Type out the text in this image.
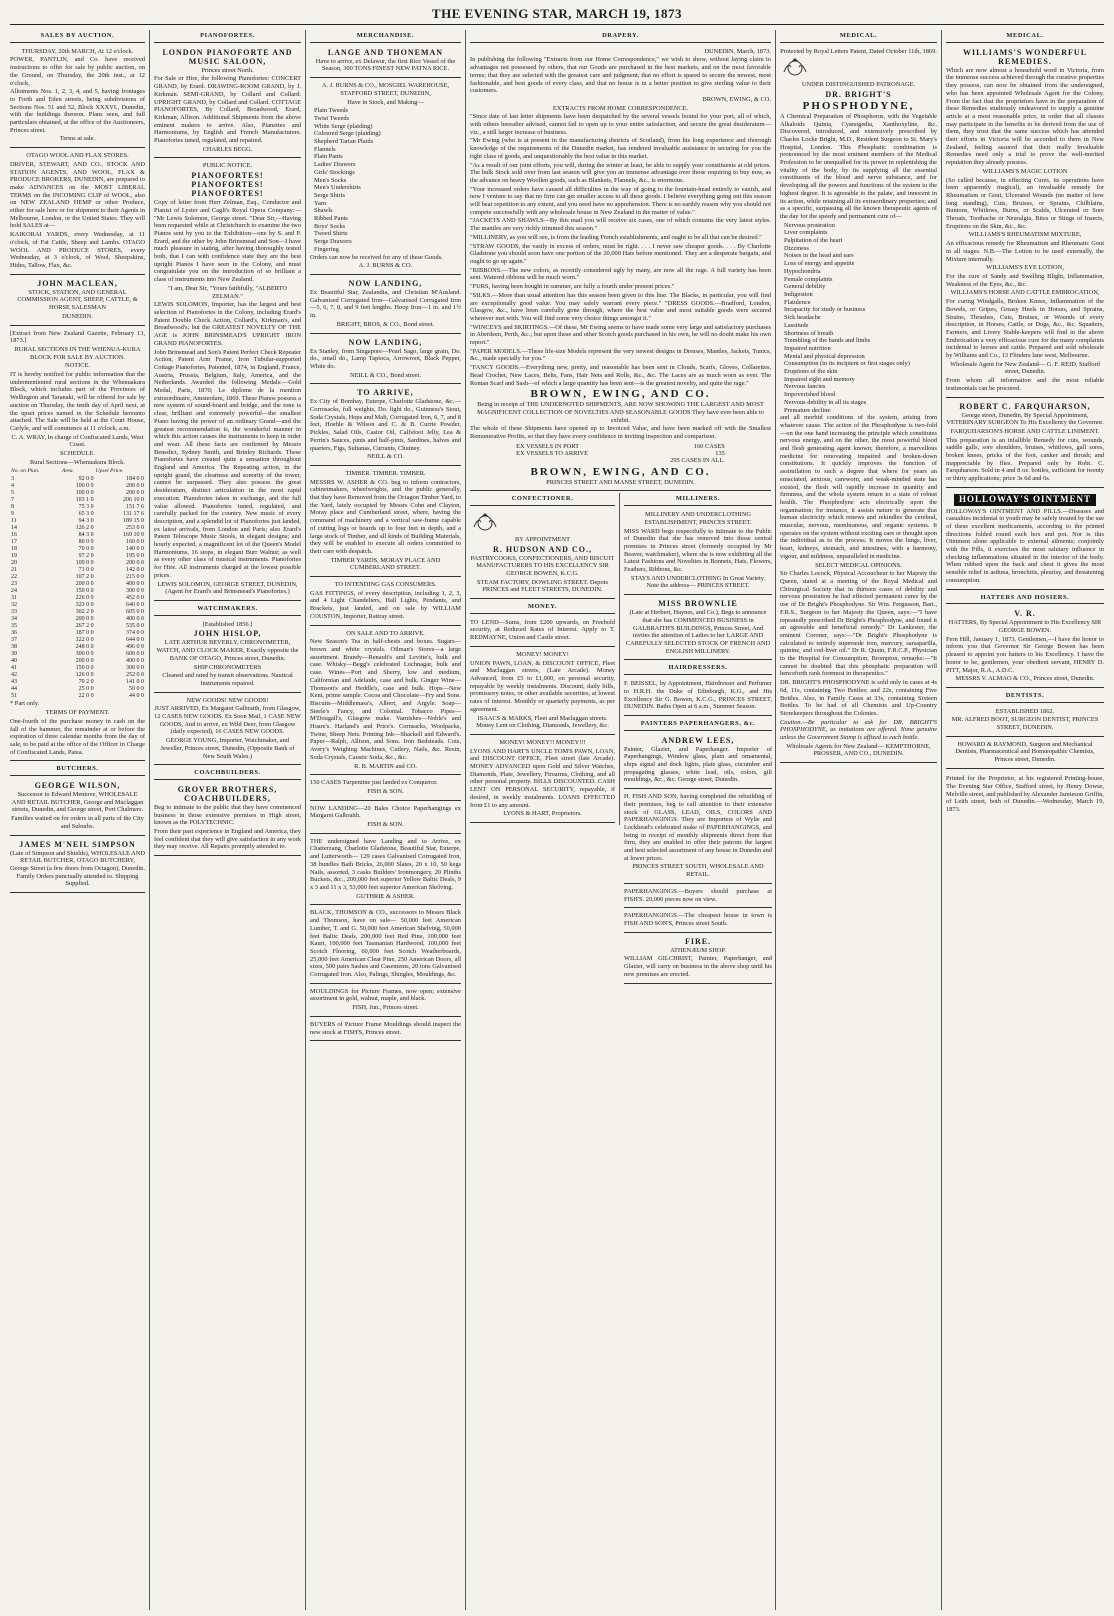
THE EVENING STAR, MARCH 19, 1873
SALES BY AUCTION.

THURSDAY, 20th MARCH, At 12 o'clock.

POWER, PANTLIN, and Co. have received instructions to offer for sale by public auction, on the Ground, on Thursday, the 20th inst., at 12 o'clock,

Allotments Nos. 1, 2, 3, 4, and 5, having frontages to Forth and Eden streets, being subdivisions of Sections Nos. 51 and 52, Block XXXVI., Dunedin, with the buildings thereon. Plans seen, and full particulars obtained, at the office of the Auctioneers, Princes street.

Terms at sale.

OTAGO WOOL AND FLAX STORES.

DRIVER, STEWART, AND CO., STOCK AND STATION AGENTS, AND WOOL, FLAX & PRODUCE BROKERS, DUNEDIN, are prepared to make ADVANCES on the MOST LIBERAL TERMS on the INCOMING CLIP of WOOL, also on NEW ZEALAND HEMP or other Produce, either for sale here or for shipment to their Agents in Melbourne, London, or the United States. They will hold SALES at—

KAIKORAI YARDS, every Wednesday, at 11 o'clock, of Fat Cattle, Sheep and Lambs. OTAGO WOOL AND PRODUCE STORES, every Wednesday, at 3 o'clock, of Wool, Sheepskins, Hides, Tallow, Flax, &c.

JOHN MACLEAN,

STOCK, STATION, AND GENERAL COMMISSION AGENT, SHEEP, CATTLE, & HORSE SALESMAN

DUNEDIN.

[Extract from New Zealand Gazette, February 13, 1873.]

RURAL SECTIONS IN THE WHENUA-KURA BLOCK FOR SALE BY AUCTION.

NOTICE.

IT is hereby notified for public information that the undermentioned rural sections in the Whenuakura Block, which includes part of the Provinces of Wellington and Taranaki, will be offered for sale by auction on Thursday, the tenth day of April next, at the upset prices named in the Schedule hereunto attached. The Sale will be held at the Court House, Carlyle, and will commence at 11 o'clock, a.m.

C. A. WRAY, In charge of Confiscated Lands, West Coast.

SCHEDULE.

Rural Sections—Whenuakura Block.

No. on Plan.	Area.	Upset Price.
3	92 0 0	184 0 0
4	100 0 0	200 0 0
5	100 0 0	200 0 0
7	103 1 0	206 10 0
8	75 3 0	151 7 6
9	65 3 0	131 17 6
11	94 3 0	189 15 0
14	126 2 0	253 0 0
16	84 3 0	169 10 0
17	80 0 0	160 0 0
18	70 0 0	140 0 0
19	97 2 0	195 0 0
20	100 0 0	200 0 0
21	71 0 0	142 0 0
22	107 2 0	215 0 0
23	200 0 0	400 0 0
24	150 0 0	300 0 0
31	226 0 0	452 0 0
32	323 0 0	646 0 0
33	302 2 0	605 0 0
34	200 0 0	400 0 0
35	267 2 0	535 0 0
36	187 0 0	374 0 0
37	322 0 0	644 0 0
38	248 0 0	496 0 0
39	300 0 0	600 0 0
40	200 0 0	400 0 0
41	150 0 0	300 0 0
42	126 0 0	252 0 0
43	70 2 0	141 0 0
44	25 0 0	50 0 0
51	22 0 0	44 0 0

* Part only.

TERMS OF PAYMENT.

One-fourth of the purchase money in cash on the fall of the hammer, the remainder at or before the expiration of three calendar months from the day of sale, to be paid at the office of the Officer in Charge of Confiscated Lands, Patea.

BUTCHERS.

GEORGE WILSON,

Successor to Edward Mentove, WHOLESALE AND RETAIL BUTCHER, George and Maclaggan streets, Dunedin, and George street, Port Chalmers.

Families waited on for orders in all parts of the City and Suburbs.

JAMES M'NEIL SIMPSON

(Late of Simpson and Shields), WHOLESALE AND RETAIL BUTCHER, OTAGO BUTCHERY, George Street (a few doors from Octagon), Dunedin. Family Orders punctually attended to. Shipping Supplied.

PIANOFORTES.

LONDON PIANOFORTE AND MUSIC SALOON,

Princes street North.

For Sale or Hire, the following Pianofortes: CONCERT GRAND, by Erard. DRAWING-ROOM GRAND, by J. Kirkman. SEMI-GRAND, by Collard and Collard. UPRIGHT GRAND, by Collard and Collard. COTTAGE PIANOFORTES, By Collard, Broadwood, Erard, Kirkman, Allison. Additional Shipments from the above eminent makers to arrive. Also, Pianettes and Harmoniums, by English and French Manufacturers. Pianofortes tuned, regulated, and repaired.

CHARLES BEGG.

PUBLIC NOTICE.

PIANOFORTES! PIANOFORTES! PIANOFORTES!

Copy of letter from Herr Zelman, Esq., Conductor and Pianist of Lyster and Cagli's Royal Opera Company:— "Mr Lewis Solomon, George street. "Dear Sir,—Having been requested while at Christchurch to examine the two Pianos sent by you to the Exhibition—one by S. and P. Erard, and the other by John Brinsmead and Son—I have much pleasure in stating, after having thoroughly tested both, that I can with confidence state they are the best upright Pianos I have seen in the Colony, and must congratulate you on the introduction of so brilliant a class of instruments into New Zealand.

"I am, Dear Sir, "Yours faithfully, "ALBERTO ZELMAN."

LEWIS SOLOMON, Importer, has the largest and best selection of Pianofortes in the Colony, including Erard's Patent Double Check Action, Collard's, Kirkman's, and Broadwood's; but the GREATEST NOVELTY OF THE AGE is JOHN BRINSMEAD'S UPRIGHT IRON GRAND PIANOFORTES.

John Brinsmead and Son's Patent Perfect Check Repeater Action, Patent Arm Frame, Iron Tubular-supported Cottage Pianofortes, Patented, 1874, in England, France, Austria, Prussia, Belgium, Italy, America, and the Netherlands. Awarded the following Medals:—Gold Medal, Paris, 1870; Le diplome de la mention extraordinaire, Amsterdam, 1869. These Pianos possess a new system of sound-board and bridge, and the tone is clear, brilliant and extremely powerful—the smallest Piano having the power of an ordinary Grand—and the greatest recommendation is, the wonderful manner in which this action causes the instruments to keep in order and wear. All these facts are confirmed by Messrs Benedict, Sydney Smith, and Brinley Richards. These Pianofortes have created quite a sensation throughout England and America. The Repeating action, in the upright grand, the clearness and sonority of the tower, cannot be surpassed. They also possess the great desideratum, distinct articulation in the most rapid execution. Pianofortes taken in exchange, and the full value allowed. Pianofortes tuned, regulated, and carefully packed for the country. New music of every description, and a splendid lot of Pianofortes just landed, ex latest arrivals, from London and Paris; also Erard's Patent Telescope Music Stools, in elegant designs; and hourly expected, a magnificent lot of the Queen's Model Harmoniums, 16 stops, in elegant Burr Walnut; as well as every other class of musical instruments. Pianofortes for Hire. All instruments charged at the lowest possible prices.

LEWIS SOLOMON, GEORGE STREET, DUNEDIN, (Agent for Erard's and Brinsmead's Pianofortes.)

WATCHMAKERS.

[Established 1856.]

JOHN HISLOP,

LATE ARTHUR BEVERLY, CHRONOMETER, WATCH, AND CLOCK MAKER, Exactly opposite the BANK OF OTAGO, Princes street, Dunedin.

SHIP CHRONOMETERS

Cleaned and rated by transit observations. Nautical Instruments repaired.

NEW GOODS! NEW GOODS!

JUST ARRIVED, Ex Margaret Galbraith, from Glasgow, 12 CASES NEW GOODS. Ex Soon Mail, 1 CASE NEW GOODS, And to arrive, ex Wild Deer, from Glasgow (daily expected), 16 CASES NEW GOODS.

GEORGE YOUNG, Importer, Watchmaker, and Jeweller, Princes street, Dunedin, (Opposite Bank of New South Wales.)

COACHBUILDERS.

GROVER BROTHERS, COACHBUILDERS,

Beg to intimate to the public that they have commenced business in those extensive premises in High street, known as the POLYTECHNIC.

From their past experience in England and America, they feel confident that they will give satisfaction in any work they may receive. All Repairs promptly attended to.

MERCHANDISE.

LANGE AND THONEMAN

Have to arrive, ex Delawur, the first Rice Vessel of the Season, 300 TONS FINEST NEW PATNA RICE.

A. J. BURNS & CO., MOSGIEL WAREHOUSE, STAFFORD STREET, DUNEDIN,

Have in Stock, and Making—

Plain Tweeds
Twist Tweeds
White Serge (plaiding)
Coloured Serge (plaiding)
Shepherd Tartan Plaids
Flannels
Plain Pants
Ladies' Drawers
Girls' Stockings
Men's Socks
Men's Undershirts
Serge Shirts
Yarn
Shawls
Ribbed Pants
Boys' Socks
Tweed Shirts
Serge Drawers
Fingering

Orders can now be received for any of these Goods.

A. J. BURNS & CO.

NOW LANDING,

Ex Beautiful Star, Zealandia, and Christian M'Ausland. Galvanised Corrugated Iron—Galvanised Corrugated Iron—5, 6, 7, 8, and 9 feet lengths. Hoop Iron—1 in. and 1½ in.

BRIGHT, BROS, & CO., Bond street.

NOW LANDING,

Ex Stanley, from Singapore—Pearl Sago, large grain, Do. do., small do., Lamp Tapioca, Arrowroot, Black Pepper, White do.

NEILL & CO., Bond street.

TO ARRIVE,

Ex City of Bombay, Euterpe, Charlotte Gladstone, &c.— Corrosacks, full weights, Do. light do., Guinness's Stout, Soda Crystals, Hops and Malt, Corrugated Iron, 6, 7, and 8 feet, Hoehle & Wilson and C. & B. Currie Powder, Pickles, Salad Oils, Castor Oil, Calfsfoot Jelly, Lea & Perrin's Sauces, pints and half-pints, Sardines, halves and quarters, Figs, Sultanas, Currants, Chutney.

NEILL & CO.

TIMBER. TIMBER. TIMBER.

MESSRS W. ASHER & CO. beg to inform contractors, cabinetmakers, wheelwrights, and the public generally, that they have Removed from the Octagon Timber Yard, to the Yard, lately occupied by Messrs Cohn and Clayton, Moray place and Cumberland street, where, having the command of machinery and a vertical saw-frame capable of cutting logs or boards up to four feet in depth, and a large stock of Timber, and all kinds of Building Materials, they will be enabled to execute all orders committed to their care with despatch.

TIMBER YARDS, MORAY PLACE AND CUMBERLAND STREET.

TO INTENDING GAS CONSUMERS.

GAS FITTINGS, of every description, including 1, 2, 3, and 4 Light Chandeliers, Hall Lights, Pendants, and Brackets, just landed, and on sale by WILLIAM COUSTON, Importer, Rattray street.

ON SALE AND TO ARRIVE.

New Season's Tea in half-chests and boxes. Sugars—brown and white crystals. Oilman's Stores—a large assortment. Brandy—Renault's and Levitte's, bulk and case. Whisky—Begg's celebrated Lochnagar, bulk and case. Wines—Port and Sherry, low and medium, Californian and Adelaide, case and bulk. Ginger Wine—Thomson's and Heddle's, case and bulk. Hops—New Kent, prime sample. Cocoa and Chocolate—Fry and Sons. Biscuits—Middlemass's, Albert, and Argyle. Soap—Steele's Fancy, and Colonial. Tobacco Pipes—M'Dougall's, Glasgow make. Varnishes—Noble's and Hoare's. Harland's and Price's. Cornsacks, Woolpacks, Twine, Sheep Nets. Printing Ink—Shackell and Edward's. Paper—Ralph, Allison, and Sons. Iron Bedsteads. Cots, Avery's Weighing Machines, Cutlery, Nails, &c. Resin, Soda Crystals, Caustic Soda, &c., &c.

R. B. MARTIN and CO.

150 CASES Turpentine just landed ex Conqueror.

FISH & SON.

NOW LANDING—20 Bales Choice Paperhangings ex Margaret Galbraith.

FISH & SON.

THE undersigned have Landing and to Arrive, ex Chatterzang, Charlotte Gladstone, Beautiful Star, Euterpe, and Lutterworth— 129 cases Galvanised Corrugated Iron, 38 bundles Bath Bricks, 26,000 Slates, 20 x 10, 50 kegs Nails, assorted, 3 casks Builders' Ironmongery, 20 Plinths Buckets, &c., 200,000 feet superior Yellow Baltic Deals, 9 x 3 and 11 x 3, 53,000 feet superior American Shelving.

GUTHRIE & ASHER.

BLACK, THOMSON & CO., successors to Messrs Black and Thomson, have on sale— 50,000 feet American Lumber, T. and G. 50,000 feet American Shelving, 50,000 feet Baltic Deals, 200,000 feet Red Pine, 100,000 feet Kauri, 100,000 feet Tasmanian Hardwood, 100,000 feet Scotch Flooring, 60,000 feet Scotch Weatherboards, 25,000 feet American Clear Pine, 250 American Doors, all sizes, 500 pairs Sashes and Casements, 20 tons Galvanised Corrugated Iron. Also, Palings, Shingles, Mouldings, &c.

MOULDINGS for Picture Frames, now open; extensive assortment in gold, walnut, maple, and black.

FISH, Jun., Princes street.

BUYERS of Picture Frame Mouldings should inspect the new stock at FISH'S, Princes street.

DRAPERY.

DUNEDIN, March, 1873.

In publishing the following "Extracts from our Home Correspondence," we wish to show, without laying claim to advantages not possessed by others, that our Goods are purchased in the best markets, and on the most favorable terms; that they are selected with the greatest care and judgment; that no effort is spared to secure the newest, most fashionable, and best goods of every class, and that no house is in a better position to give sterling value to their customers.

BROWN, EWING, & CO.

EXTRACTS FROM HOME CORRESPONDENCE.

"Since date of last letter shipments have been despatched by the several vessels bound for your port, all of which, with others hereafter advised, cannot fail to open up to your entire satisfaction, and secure the great desideratum—viz., a still larger increase of business.

"Mr Ewing (who is at present in the manufacturing districts of Scotland), from his long experience and thorough knowledge of the requirements of the Dunedin market, has rendered invaluable assistance in securing for you the right class of goods, and unquestionably the best value in this market.

"As a result of our joint efforts, you will, during the winter at least, be able to supply your constituents at old prices. The bulk Stock sold over from last season will give you an immense advantage over those requiring to buy now, as the advance on heavy Woollen goods, such as Blankets, Flannels, &c., is enormous.

"Your increased orders have caused all difficulties in the way of going to the fountain-head entirely to vanish, and now I venture to say that no firm can get smaller access to all these goods. I believe everything going out this season will bear repetition to any extent, and you need have no apprehension. There is no earthly reason why you should not compete successfully with any wholesale house in New Zealand in the matter of value."

"JACKETS AND SHAWLS—By this mail you will receive six cases, one of which contains the very latest styles. The mantles are very richly trimmed this season."

"MILLINERY, as you will see, is from the leading French establishments, and ought to be all that can be desired."

"STRAW GOODS, the vastly in excess of orders, must be right. . . . I never saw cheaper goods. . . . By Charlotte Gladstone you should soon have one portion of the 20,000 Hats before mentioned. They are a desperate bargain, and ought to go up again."

"RIBBONS.—The new colors, as recently considered ugly by many, are now all the rage. A full variety has been sent. Watered ribbons will be much worn."

"FURS, having been bought in summer, are fully a fourth under present prices."

"SILKS.—More than usual attention has this season been given to this line. The Blacks, in particular, you will find are exceptionally good value. You may safely warrant every piece." "DRESS GOODS.—Bradford, London, Glasgow, &c., have been carefully gone through, where the best value and most suitable goods were secured wherever met with. You will find some very choice things amongst it."

"WINCEYS and SKIRTINGS.—Of these, Mr Ewing seems to have made some very large and satisfactory purchases in Aberdeen, Perth, &c.; but upon these and other Scotch goods purchased in his own, he will no doubt make his own report."

"PAPER MODELS.—These life-size Models represent the very newest designs in Dresses, Mantles, Jackets, Tunics, &c., made specially for you."

"FANCY GOODS.—Everything new, pretty, and reasonable has been sent in Clouds, Scarfs, Gloves, Collarettes, Bead Crochet, New Laces, Belts, Fans, Hair Nets and Rolls, &c., &c. The Laces are as much worn as ever. The Roman Scarf and Sash—of which a large quantity has been sent—is the greatest novelty, and quite the rage."

BROWN, EWING, AND CO.

Being in receipt of THE UNDERNOTED SHIPMENTS, ARE NOW SHOWING THE LARGEST AND MOST MAGNIFICENT COLLECTION OF NOVELTIES AND SEASONABLE GOODS They have ever been able to exhibit.

The whole of these Shipments have opened up to Invoiced Value, and have been marked off with the Smallest Remunerative Profits, so that they have every confidence in inviting inspection and comparison.

EX VESSELS IN PORT	160 CASES
EX VESSELS TO ARRIVE	135
	295 CASES IN ALL.

BROWN, EWING, AND CO.

PRINCES STREET AND MANSE STREET, DUNEDIN.

CONFECTIONER.

BY APPOINTMENT

R. HUDSON AND CO.,

PASTRYCOOKS, CONFECTIONERS, AND BISCUIT MANUFACTURERS TO HIS EXCELLENCY SIR GEORGE BOWEN, K.C.G.

STEAM FACTORY, DOWLING STREET. Depots PRINCES and FLEET STREETS, DUNEDIN.

MONEY.

TO LEND—Sums, from £200 upwards, on Freehold security, at Reduced Rates of Interest. Apply to T. REDMAYNE, Union and Castle street.

MONEY! MONEY!

UNION PAWN, LOAN, & DISCOUNT OFFICE, Fleet and Maclaggan streets, (Late Arcade). Money Advanced, from £5 to £1,000, on personal security, repayable by weekly instalments. Discount, daily bills, promissory notes, or other available securities, at lowest rates of interest. Monthly or quarterly payments, as per agreement.

ISAACS & MARKS, Fleet and Maclaggan streets. Money Lent on Clothing, Diamonds, Jewellery, &c.

MONEY! MONEY!! MONEY!!!

LYONS AND HART'S UNCLE TOM'S PAWN, LOAN, and DISCOUNT OFFICE, Fleet street (late Arcade). MONEY ADVANCED upon Gold and Silver Watches, Diamonds, Plate, Jewellery, Firearms, Clothing, and all other personal property. BILLS DISCOUNTED. CASH LENT ON PERSONAL SECURITY, repayable, if desired, in weekly instalments. LOANS EFFECTED from £1 to any amount.

LYONS & HART, Proprietors.

MILLINERS.

MILLINERY AND UNDERCLOTHING ESTABLISHMENT, PRINCES STREET.

MISS WARD begs respectfully to intimate to the Public of Dunedin that she has removed into those central premises in Princes street (formerly occupied by Mr Beaver, watchmaker), where she is now exhibiting all the Latest Fashions and Novelties in Bonnets, Hats, Flowers, Feathers, Ribbons, &c.

STAYS AND UNDERCLOTHING In Great Variety. Note the address— PRINCES STREET.

MISS BROWNLIE

(Late at Herbert, Haynes, and Co.), Begs to announce that she has COMMENCED BUSINESS in GALBRAITH'S BUILDINGS, Princes Street, And invites the attention of Ladies to her LARGE AND CAREFULLY SELECTED STOCK OF FRENCH AND ENGLISH MILLINERY.

HAIRDRESSERS.

F. BEISSEL, by Appointment, Hairdresser and Perfumer to H.R.H. the Duke of Edinburgh, K.G., and His Excellency Sir G. Bowen, K.C.G., PRINCES STREET, DUNEDIN. Baths Open at 6 a.m., Summer Season.

PAINTERS PAPERHANGERS, &c.

ANDREW LEES,

Painter, Glazier, and Paperhanger. Importer of Paperhangings, Window glass, plain and ornamental, ships signal and dock lights, plate glass, cucumber and propagating glasses, white lead, oils, colors, gilt mouldings, &c., &c. George street, Dunedin.

H. FISH AND SON, having completed the rebuilding of their premises, beg to call attention to their extensive stock of GLASS, LEAD, OILS, COLORS AND PAPERHANGINGS. They are Importers of Wylie and Lockhead's celebrated make of PAPERHANGINGS, and being in receipt of monthly shipments direct from that firm, they are enabled to offer their patrons the largest and best selected assortment of any house in Dunedin and at lower prices.

PRINCES STREET SOUTH, WHOLESALE AND RETAIL.

PAPERHANGINGS.—Buyers should purchase at FISH'S. 20,000 pieces now on view.

PAPERHANGINGS.—The cheapest house in town is FISH AND SON'S, Princes street South.

FIRE.

ATHENÆUM SHOP.

WILLIAM GILCHRIST, Painter, Paperhanger, and Glazier, will carry on business in the above shop until his new premises are erected.

MEDICAL.

Protected by Royal Letters Patent, Dated October 11th, 1869.

UNDER DISTINGUISHED PATRONAGE.

DR. BRIGHT'S

PHOSPHODYNE,

A Chemical Preparation of Phosphorus, with the Vegetable Alkaloids Quinia, Cyanogedia, Xanthoxyline, &c. Discovered, introduced, and extensively prescribed by Charles Locke Bright, M.D., Resident Surgeon to St. Mary's Hospital, London. This Phosphatic combination is pronounced by the most eminent members of the Medical Profession to be unequalled for its power in replenishing the vitality of the body, by its supplying all the essential constituents of the blood and nerve substance, and for developing all the powers and functions of the system to the highest degree. It is agreeable to the palate, and innocent in its action, while retaining all its extraordinary properties; and as a specific, surpassing all the known therapeutic agents of the day for the speedy and permanent cure of—

Nervous prostration
Liver complaints
Palpitation of the heart
Dizziness
Noises in the head and ears
Loss of energy and appetite
Hypochondria
Female complaints
General debility
Indigestion
Flatulence
Incapacity for study or business
Sick headache
Lassitude
Shortness of breath
Trembling of the hands and limbs
Impaired nutrition
Mental and physical depression
Consumption (in its incipient or first stages only)
Eruptions of the skin
Impaired sight and memory
Nervous fancies
Impoverished blood
Nervous debility in all its stages
Premature decline

and all morbid conditions of the system, arising from whatever cause. The action of the Phosphodyne is two-fold—on the one hand increasing the principle which constitutes nervous energy, and on the other, the most powerful blood and flesh generating agent known; therefore, a marvellous medicine for renovating impaired and broken-down constitutions. It quickly improves the function of assimilation to such a degree that where for years an emaciated, anxious, careworn, and weak-minded state has existed, the flesh will rapidly increase in quantity and firmness, and the whole system return to a state of robust health. The Phosphodyne acts electrically upon the organisation; for instance, it assists nature to generate that human electricity which renews and rekindles the cerebral, muscular, nervous, membranous, and organic systems. It operates on the system without exciting care or thought upon the individual as to the process. It moves the lungs, liver, heart, kidneys, stomach, and intestines, with a harmony, vigour, and mildness, unparalleled in medicine.

SELECT MEDICAL OPINIONS.

Sir Charles Locock, Physical Accoucheur to her Majesty the Queen, stated at a meeting of the Royal Medical and Chirurgical Society that in thirteen cases of debility and nervous prostration he had effected permanent cures by the use of Dr Bright's Phosphodyne. Sir Wm. Fergusson, Bart., F.R.S., Surgeon to her Majesty the Queen, says:—"I have repeatedly prescribed Dr Bright's Phosphodyne, and found it an agreeable and beneficial remedy." Dr Lankester, the eminent Coroner, says:—"Dr Bright's Phosphodyne is calculated to entirely supersede iron, mercury, sarsaparilla, quinine, and cod-liver oil." Dr R. Quain, F.R.C.P., Physician to the Hospital for Consumption, Brompton, remarks:—"It cannot be doubted that this phosphatic preparation will henceforth rank foremost in therapeutics."

DR. BRIGHT'S PHOSPHODYNE is sold only in cases at 4s 6d, 11s, containing Two Bottles; and 22s, containing Five Bottles. Also, in Family Cases at 33s, containing Sixteen Bottles. To be had of all Chemists and Up-Country Storekeepers throughout the Colonies.

Caution.—Be particular to ask for DR. BRIGHT'S PHOSPHODYNE, as imitations are offered. None genuine unless the Government Stamp is affixed to each bottle.

Wholesale Agents for New Zealand— KEMPTHORNE, PROSSER, AND CO., DUNEDIN.

MEDICAL.

WILLIAMS'S WONDERFUL REMEDIES.

Which are now almost a household word in Victoria, from the immense success achieved through the curative properties they possess, can now be obtained from the undersigned, who has been appointed Wholesale Agent for the Colony. From the fact that the proprietors have in the preparation of these Remedies studiously endeavored to supply a genuine article at a most reasonable price, in order that all classes may participate in the benefits to be derived from the use of them, they trust that the same success which has attended their efforts in Victoria will be accorded to them in New Zealand, feeling assured that their really Invaluable Remedies need only a trial to prove the well-merited reputation they already possess.

WILLIAMS'S MAGIC LOTION

(So called because, in effecting Cures, its operations have been apparently magical), an invaluable remedy for Rheumatism or Gout, Ulcerated Wounds (no matter of how long standing), Cuts, Bruises, or Sprains, Chilblains, Bunions, Whitlows, Burns, or Scalds, Ulcerated or Sore Throats, Toothache or Neuralgia, Bites or Stings of Insects, Eruptions on the Skin, &c., &c.

WILLIAMS'S RHEUMATISM MIXTURE,

An efficacious remedy for Rheumatism and Rheumatic Gout in all stages. N.B.—The Lotion to be used externally, the Mixture internally.

WILLIAMS'S EYE LOTION,

For the cure of Sandy and Swelling Blight, Inflammation, Weakness of the Eyes, &c., &c.

WILLIAMS'S HORSE AND CATTLE EMBROCATION,

For curing Windgalls, Broken Knees, Inflammation of the Bowels, or Gripes, Greasy Heels in Horses, and Sprains, Strains, Thrushes, Cuts, Bruises, or Wounds of every description, in Horses, Cattle, or Dogs, &c., &c. Squatters, Farmers, and Livery Stable-keepers will find in the above Embrocation a very efficacious cure for the many complaints incidental to horses and cattle. Prepared and sold wholesale by Williams and Co., 13 Flinders lane west, Melbourne.

Wholesale Agent for New Zealand— G. F. REID, Stafford street, Dunedin.

From whom all information and the most reliable testimonials can be procured.

ROBERT C. FARQUHARSON,

George street, Dunedin, By Special Appointment, VETERINARY SURGEON To His Excellency the Governor.

FARQUHARSON'S HORSE AND CATTLE LINIMENT.

This preparation is an infallible Remedy for cuts, wounds, saddle galls, sore shoulders, bruises, whitlows, gall sores, broken knees, pricks of the foot, canker and thrush; and inappreciable by flies. Prepared only by Robt. C. Farquharson. Sold in 4 and 8 oz. bottles, sufficient for twenty or thirty applications; price 3s 6d and 6s.

HOLLOWAY'S OINTMENT

HOLLOWAY'S OINTMENT AND PILLS.—Diseases and casualties incidental to youth may be safely treated by the use of these excellent medicaments, according to the printed directions folded round each box and pot. Nor is this Ointment alone applicable to external ailments; conjointly with the Pills, it exercises the most salutary influence in checking inflammations situated in the interior of the body. When rubbed upon the back and chest it gives the most sensible relief in asthma, bronchitis, pleurisy, and threatening consumption.

HATTERS AND HOSIERS.

V. R.

HATTERS, By Special Appointment to His Excellency SIR GEORGE BOWEN.

Fern Hill, January 1, 1873. Gentlemen,—I have the honor to inform you that Governor Sir George Bowen has been pleased to appoint you hatters to his Excellency. I have the honor to be, gentlemen, your obedient servant, HENRY D. PITT, Major, R.A., A.D.C.

MESSRS V. ALMAO & CO., Princes street, Dunedin.

DENTISTS.

ESTABLISHED 1862.

MR. ALFRED BOOT, SURGEON DENTIST, PRINCES STREET, DUNEDIN.

HOWARD & RAYMOND, Surgeon and Mechanical Dentists, Pharmaceutical and Homœopathic Chemists, Princes street, Dunedin.

Printed for the Proprietor, at his registered Printing-house, The Evening Star Office, Stafford street, by Henry Dowse, Melville street, and published by Alexander Jamieson Griffin, of Leith street, both of Dunedin.—Wednesday, March 19, 1873.
